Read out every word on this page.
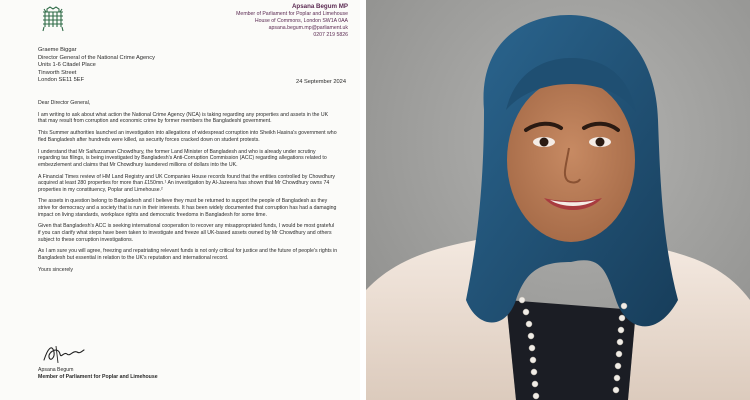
Apsana Begum MP
Member of Parliament for Poplar and Limehouse
House of Commons, London SW1A 0AA
apsana.begum.mp@parliament.uk
0207 219 5826
Graeme Biggar
Director General of the National Crime Agency
Units 1-6 Citadel Place
Tinworth Street
London SE11 5EF	24 September 2024

Dear Director General,

I am writing to ask about what action the National Crime Agency (NCA) is taking regarding any properties and assets in the UK that may result from corruption and economic crime by former members the Bangladeshi government.

This Summer authorities launched an investigation into allegations of widespread corruption into Sheikh Hasina's government who fled Bangladesh after hundreds were killed, as security forces cracked down on student protests.

I understand that Mr Saifuzzaman Chowdhury, the former Land Minister of Bangladesh and who is already under scrutiny regarding tax filings, is being investigated by Bangladesh's Anti-Corruption Commission (ACC) regarding allegations related to embezzlement and claims that Mr Chowdhury laundered millions of dollars into the UK.

A Financial Times review of HM Land Registry and UK Companies House records found that the entities controlled by Chowdhury acquired at least 280 properties for more than £150mn.¹ An investigation by Al-Jazeera has shown that Mr Chowdhury owns 74 properties in my constituency, Poplar and Limehouse.²

The assets in question belong to Bangladesh and I believe they must be returned to support the people of Bangladesh as they strive for democracy and a society that is run in their interests. It has been widely documented that corruption has had a damaging impact on living standards, workplace rights and democratic freedoms in Bangladesh for some time.

Given that Bangladesh's ACC is seeking international cooperation to recover any misappropriated funds, I would be most grateful if you can clarify what steps have been taken to investigate and freeze all UK-based assets owned by Mr Chowdhury and others subject to these corruption investigations.

As I am sure you will agree, freezing and repatriating relevant funds is not only critical for justice and the future of people's rights in Bangladesh but essential in relation to the UK's reputation and international record.

Yours sincerely

Apsana Begum
Member of Parliament for Poplar and Limehouse
